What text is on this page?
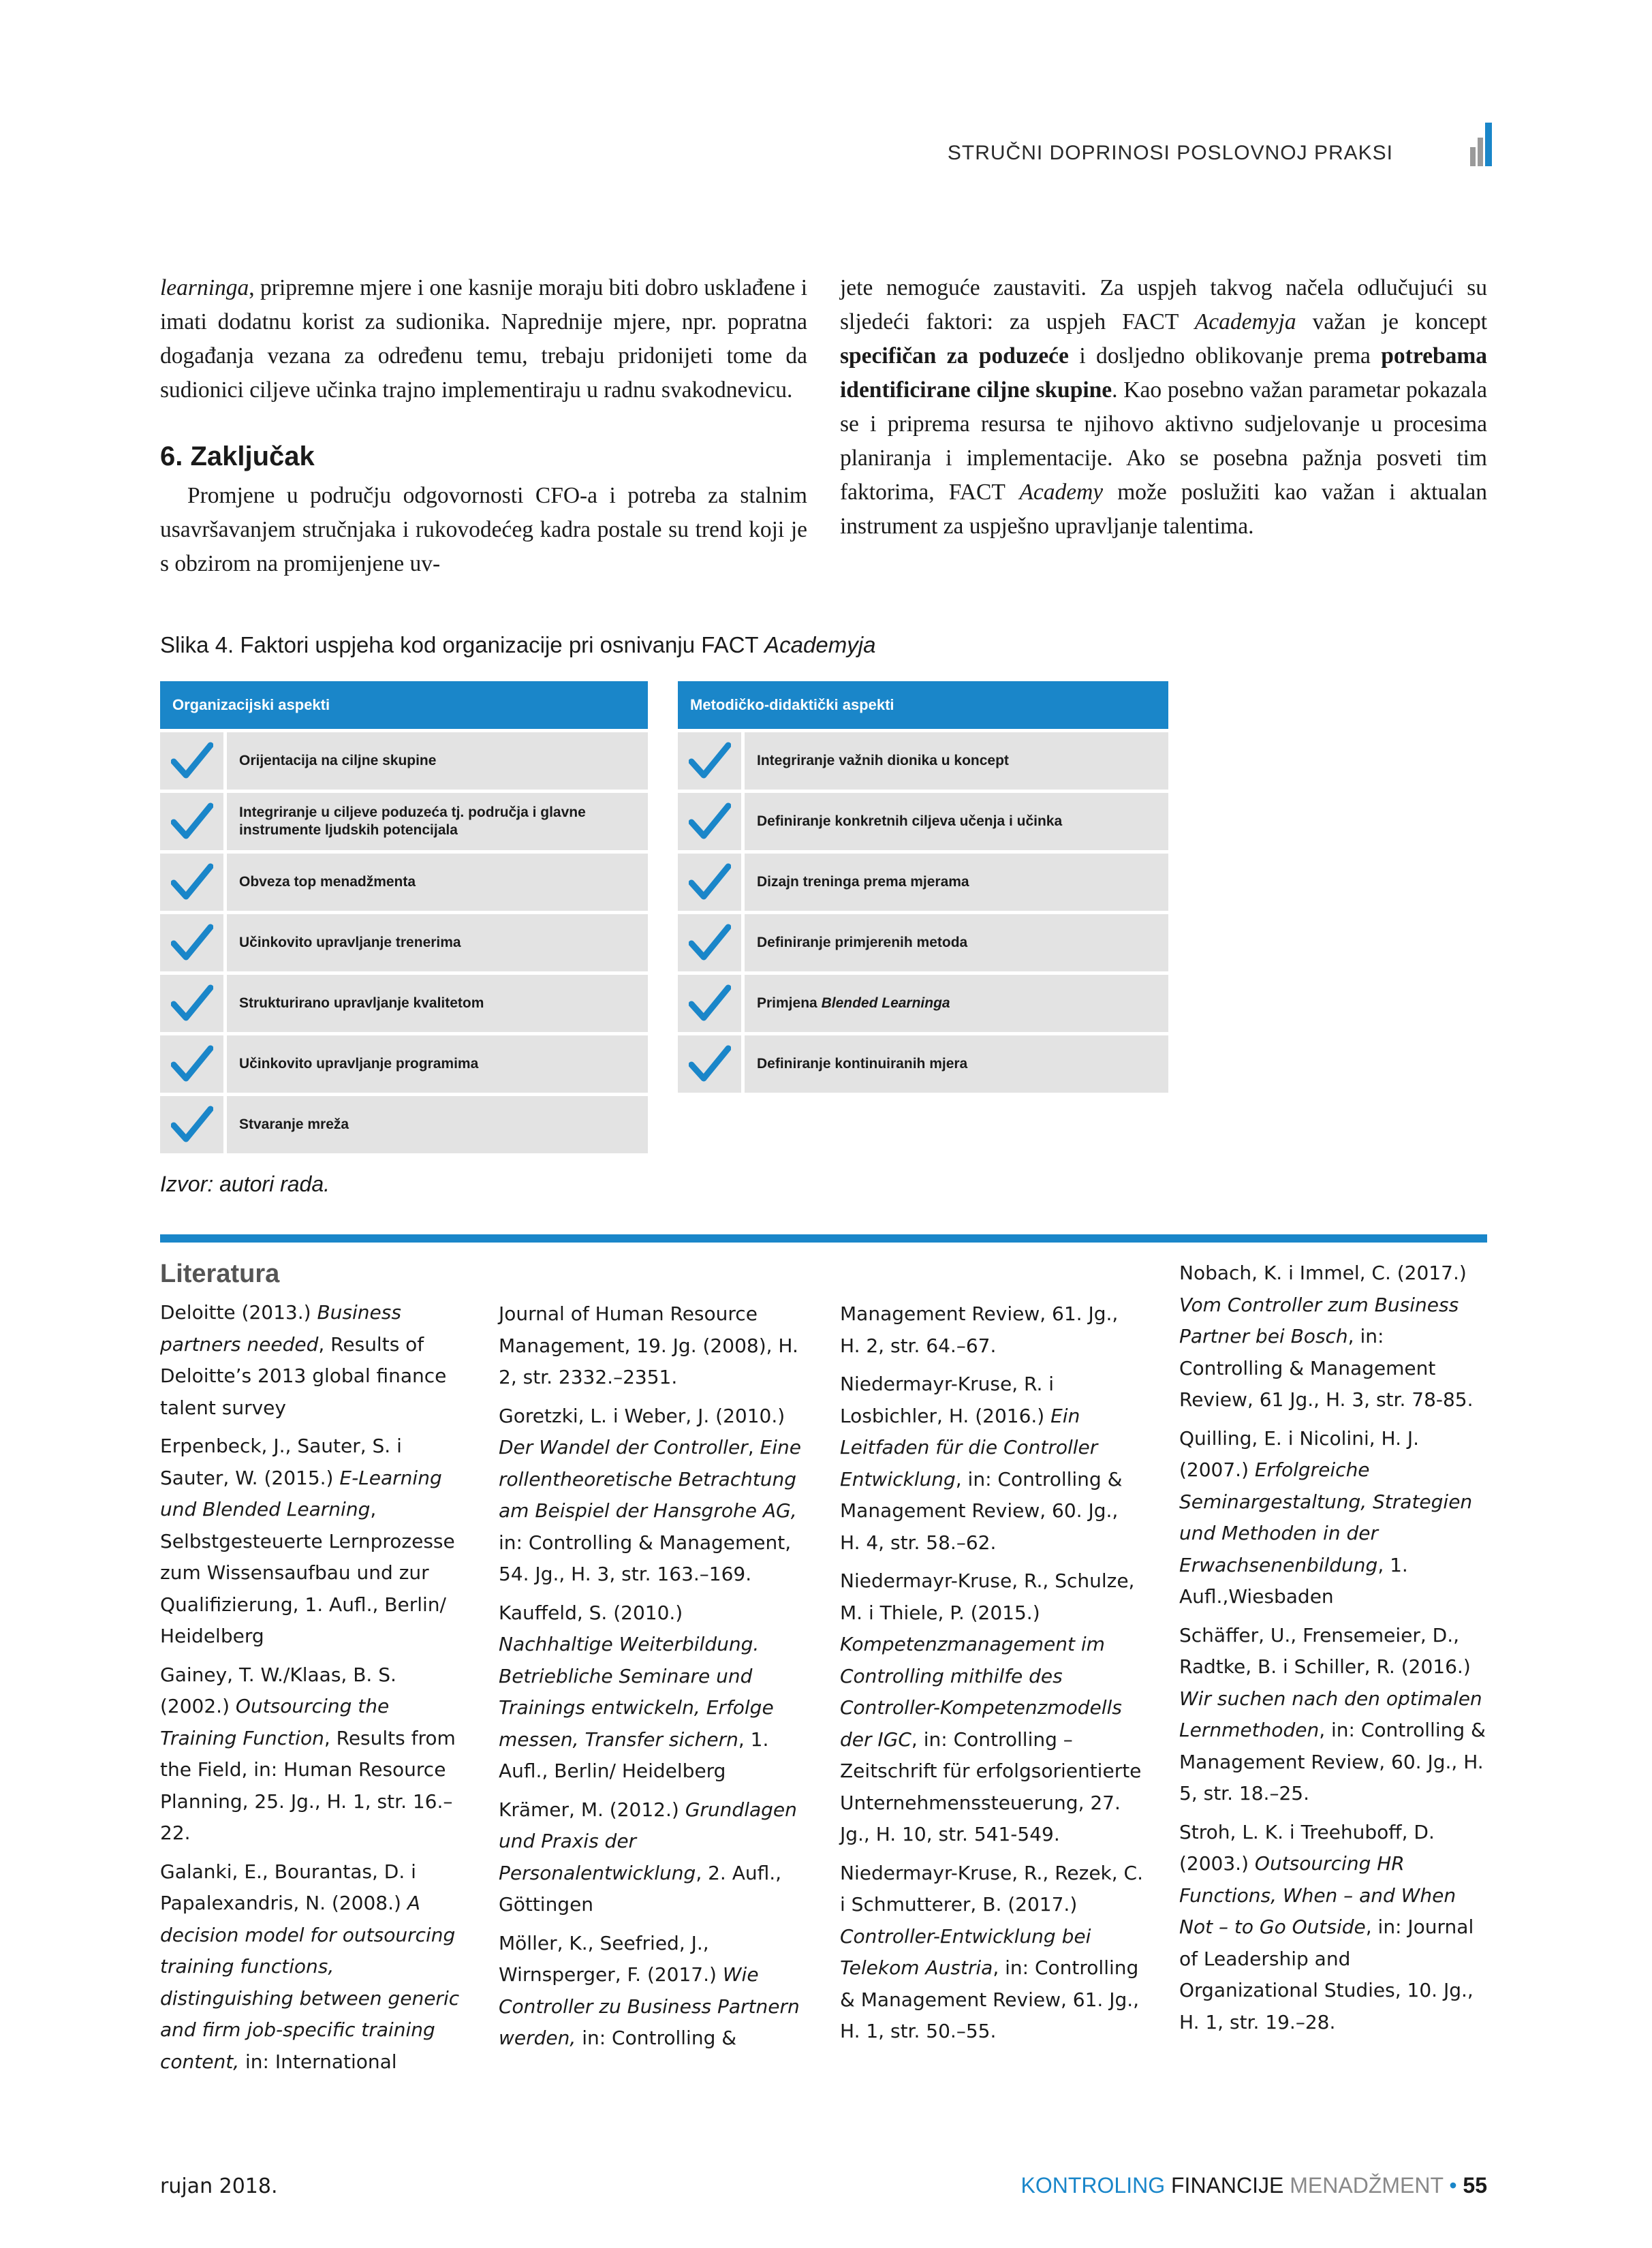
STRUČNI DOPRINOSI POSLOVNOJ PRAKSI

learninga, pripremne mjere i one kasnije moraju biti dobro usklađene i imati dodatnu korist za sudionika. Naprednije mjere, npr. popratna događanja vezana za određenu temu, trebaju pridonijeti tome da sudionici ciljeve učinka trajno implementiraju u radnu svakodnevicu.

6. Zaključak

Promjene u području odgovornosti CFO-a i potreba za stalnim usavršavanjem stručnjaka i rukovodećeg kadra postale su trend koji je s obzirom na promijenjene uv-

jete nemoguće zaustaviti. Za uspjeh takvog načela odlučujući su sljedeći faktori: za uspjeh FACT Academyja važan je koncept specifičan za poduzeće i dosljedno oblikovanje prema potrebama identificirane ciljne skupine. Kao posebno važan parametar pokazala se i priprema resursa te njihovo aktivno sudjelovanje u procesima planiranja i implementacije. Ako se posebna pažnja posveti tim faktorima, FACT Academy može poslužiti kao važan i aktualan instrument za uspješno upravljanje talentima.

Slika 4. Faktori uspjeha kod organizacije pri osnivanju FACT Academyja
Organizacijski aspekti
Orijentacija na ciljne skupine
Integriranje u ciljeve poduzeća tj. područja i glavne instrumente ljudskih potencijala
Obveza top menadžmenta
Učinkovito upravljanje trenerima
Strukturirano upravljanje kvalitetom
Učinkovito upravljanje programima
Stvaranje mreža
Metodičko-didaktički aspekti
Integriranje važnih dionika u koncept
Definiranje konkretnih ciljeva učenja i učinka
Dizajn treninga prema mjerama
Definiranje primjerenih metoda
Primjena
Blended Learninga
Definiranje kontinuiranih mjera
Izvor: autori rada.

Literatura

Deloitte (2013.) Business partners needed, Results of Deloitte’s 2013 global finance talent survey

Erpenbeck, J., Sauter, S. i Sauter, W. (2015.) E-Learning und Blended Learning, Selbstgesteuerte Lernprozesse zum Wissensaufbau und zur Qualifizierung, 1. Aufl., Berlin/ Heidelberg

Gainey, T. W./Klaas, B. S. (2002.) Outsourcing the Training Function, Results from the Field, in: Human Resource Planning, 25. Jg., H. 1, str. 16.–22.

Galanki, E., Bourantas, D. i Papalexandris, N. (2008.) A decision model for outsourcing training functions, distinguishing between generic and firm job-specific training content, in: International

Journal of Human Resource Management, 19. Jg. (2008), H. 2, str. 2332.–2351.

Goretzki, L. i Weber, J. (2010.) Der Wandel der Controller, Eine rollentheoretische Betrachtung am Beispiel der Hansgrohe AG, in: Controlling & Management, 54. Jg., H. 3, str. 163.–169.

Kauffeld, S. (2010.) Nachhaltige Weiterbildung. Betriebliche Seminare und Trainings entwickeln, Erfolge messen, Transfer sichern, 1. Aufl., Berlin/ Heidelberg

Krämer, M. (2012.) Grundlagen und Praxis der Personalentwicklung, 2. Aufl., Göttingen

Möller, K., Seefried, J., Wirnsperger, F. (2017.) Wie Controller zu Business Partnern werden, in: Controlling &

Management Review, 61. Jg., H. 2, str. 64.–67.

Niedermayr-Kruse, R. i Losbichler, H. (2016.) Ein Leitfaden für die Controller Entwicklung, in: Controlling & Management Review, 60. Jg., H. 4, str. 58.–62.

Niedermayr-Kruse, R., Schulze, M. i Thiele, P. (2015.) Kompetenzmanagement im Controlling mithilfe des Controller-Kompetenzmodells der IGC, in: Controlling – Zeitschrift für erfolgsorientierte Unternehmenssteuerung, 27. Jg., H. 10, str. 541-549.

Niedermayr-Kruse, R., Rezek, C. i Schmutterer, B. (2017.) Controller-Entwicklung bei Telekom Austria, in: Controlling & Management Review, 61. Jg., H. 1, str. 50.–55.

Nobach, K. i Immel, C. (2017.) Vom Controller zum Business Partner bei Bosch, in: Controlling & Management Review, 61 Jg., H. 3, str. 78-85.

Quilling, E. i Nicolini, H. J. (2007.) Erfolgreiche Seminargestaltung, Strategien und Methoden in der Erwachsenenbildung, 1. Aufl.,Wiesbaden

Schäffer, U., Frensemeier, D., Radtke, B. i Schiller, R. (2016.) Wir suchen nach den optimalen Lernmethoden, in: Controlling & Management Review, 60. Jg., H. 5, str. 18.–25.

Stroh, L. K. i Treehuboff, D. (2003.) Outsourcing HR Functions, When – and When Not – to Go Outside, in: Journal of Leadership and Organizational Studies, 10. Jg., H. 1, str. 19.–28.

rujan 2018.	KONTROLING FINANCIJE MENADŽMENT • 55
